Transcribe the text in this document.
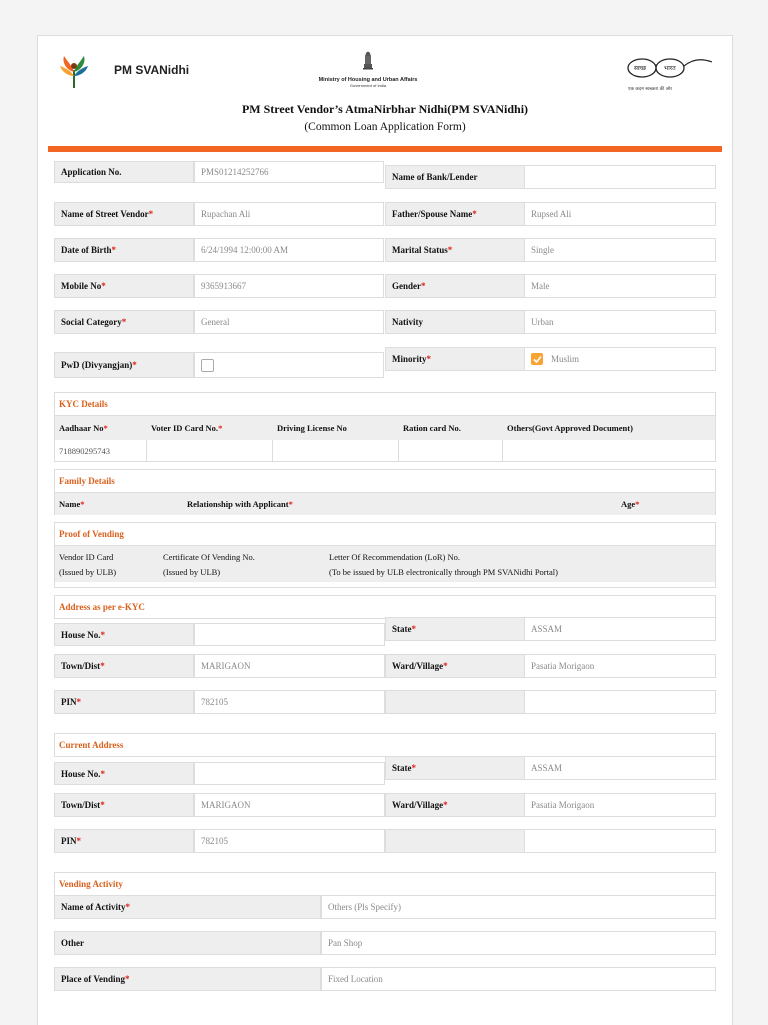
PM SVANidhi
Ministry of Housing and Urban Affairs
Government of India
स्वच्छ	भारत
एक कदम स्वच्छता की ओर
PM Street Vendor’s AtmaNirbhar Nidhi(PM SVANidhi)
(Common Loan Application Form)
Application No.	PMS01214252766	Name of Bank/Lender
Name of Street Vendor *	Rupachan Ali	Father/Spouse Name *	Rupsed Ali
Date of Birth *	6/24/1994 12:00:00 AM	Marital Status *	Single
Mobile No *	9365913667	Gender *	Male
Social Category *	General	Nativity	Urban
PwD (Divyangjan) *
Minority *	Muslim
KYC Details
Aadhaar No *	Voter ID Card No. *	Driving License No	Ration card No.	Others(Govt Approved Document)
718890295743
Family Details
Name *	Relationship with Applicant *	Age *
Proof of Vending
Vendor ID Card
(Issued by ULB)
Certificate Of Vending No.
(Issued by ULB)
Letter Of Recommendation (LoR) No.
(To be issued by ULB electronically through PM SVANidhi Portal)
Address as per e-KYC
House No. *
State *	ASSAM
Town/Dist *	MARIGAON	Ward/Village *	Pasatia Morigaon
PIN *	782105
Current Address
House No. *
State *	ASSAM
Town/Dist *	MARIGAON	Ward/Village *	Pasatia Morigaon
PIN *	782105
Vending Activity
Name of Activity *	Others (Pls Specify)
Other	Pan Shop
Place of Vending *	Fixed Location
